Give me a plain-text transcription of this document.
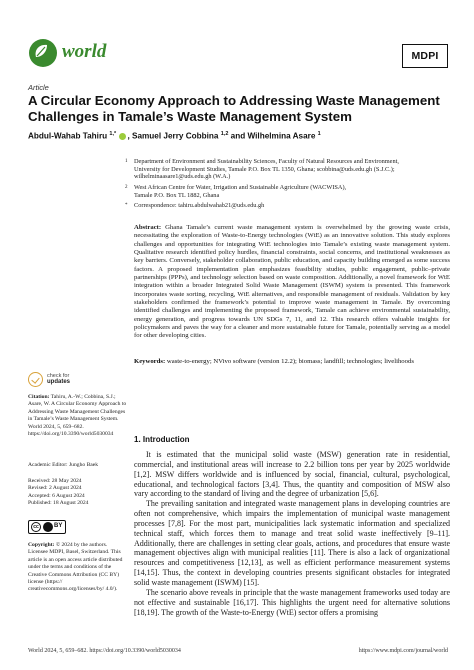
world	MDPI
Article
A Circular Economy Approach to Addressing Waste Management
Challenges in Tamale’s Waste Management System
Abdul-Wahab Tahiru $^{1,*}$ , Samuel Jerry Cobbina $^{1,2}$ and Wilhelmina Asare $^1$
1 Department of Environment and Sustainability Sciences, Faculty of Natural Resources and Environment,
University for Development Studies, Tamale P.O. Box TL 1350, Ghana; scobbina@uds.edu.gh (S.J.C.);
wilhelminaasare1@uds.edu.gh (W.A.)
2 West African Centre for Water, Irrigation and Sustainable Agriculture (WACWISA),
Tamale P.O. Box TL 1882, Ghana
* Correspondence: tahiru.abdulwahab21@uds.edu.gh
Abstract: Ghana Tamale’s current waste management system is overwhelmed by the growing waste crisis, necessitating the exploration of Waste-to-Energy technologies (WtE) as an innovative solution. This study explores challenges and opportunities for integrating WtE technologies into Tamale’s existing waste management system. Qualitative research identified policy hurdles, financial constraints, social concerns, and institutional weaknesses as key barriers. Conversely, stakeholder collaboration, public education, and capacity building emerged as some success factors. A proposed implementation plan emphasizes feasibility studies, public engagement, public–private partnerships (PPPs), and technology selection based on waste composition. Additionally, a novel framework for WtE integration within a broader Integrated Solid Waste Management (ISWM) system is presented. This framework incorporates waste sorting, recycling, WtE alternatives, and responsible management of residuals. Validation by key stakeholders confirmed the framework’s potential to improve waste management in Tamale. By overcoming identified challenges and implementing the proposed framework, Tamale can achieve environmental sustainability, energy generation, and progress towards UN SDGs 7, 11, and 12. This research offers valuable insights for policymakers and paves the way for a cleaner and more sustainable future for Tamale, potentially serving as a model for other developing cities.
Keywords: waste-to-energy; NVivo software (version 12.2); biomass; landfill; technologies; livelihoods
check for
updates
Citation: Tahiru, A.-W.; Cobbina, S.J.; Asare, W. A Circular Economy Approach to Addressing Waste Management Challenges in Tamale’s Waste Management System. World 2024, 5, 659–682. https://doi.org/10.3390/world5030034
Academic Editor: Jungho Baek
Received: 28 May 2024
Revised: 2 August 2024
Accepted: 6 August 2024
Published: 18 August 2024
cc	BY
Copyright: © 2024 by the authors. Licensee MDPI, Basel, Switzerland. This article is an open access article distributed under the terms and conditions of the Creative Commons Attribution (CC BY) license (https:// creativecommons.org/licenses/by/ 4.0/).
1. Introduction

It is estimated that the municipal solid waste (MSW) generation rate in residential, commercial, and institutional areas will increase to 2.2 billion tons per year by 2025 worldwide [1,2]. MSW differs worldwide and is influenced by social, financial, cultural, psychological, educational, and technological factors [3,4]. Thus, the quantity and composition of MSW also vary according to the standard of living and the degree of urbanization [5,6].

The prevailing sanitation and integrated waste management plans in developing countries are often not comprehensive, which impairs the implementation of municipal waste management processes [7,8]. For the most part, municipalities lack systematic information and specialized technical staff, which forces them to manage and treat solid waste ineffectively [9–11]. Additionally, there are challenges in setting clear goals, actions, and procedures that ensure waste management objectives align with municipal realities [11]. There is also a lack of organizational resources and competitiveness [12,13], as well as efficient performance measurement systems [14,15]. Thus, the context in developing countries presents significant obstacles for integrated solid waste management (ISWM) [15].

The scenario above reveals in principle that the waste management frameworks used today are not effective and sustainable [16,17]. This highlights the urgent need for alternative solutions [18,19]. The growth of the Waste-to-Energy (WtE) sector offers a promising

World 2024, 5, 659–682. https://doi.org/10.3390/world5030034	https://www.mdpi.com/journal/world
